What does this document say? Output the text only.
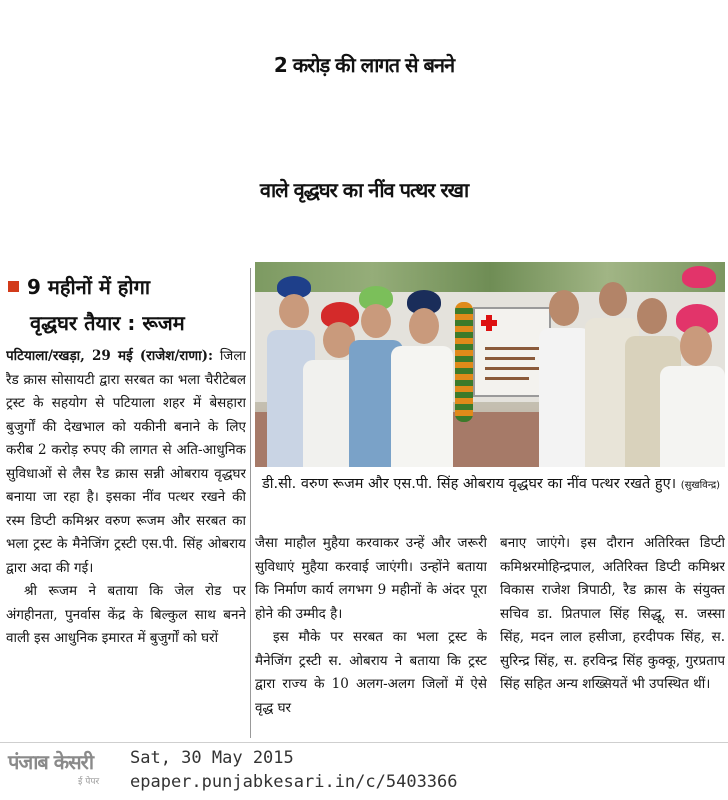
2 करोड़ की लागत से बनने
वाले वृद्धघर का नींव पत्थर रखा
9 महीनों में होगा
वृद्धघर तैयार : रूजम

पटियाला/रखड़ा, 29 मई (राजेश/राणा): जिला रैड क्रास सोसायटी द्वारा सरबत का भला चैरीटेबल ट्रस्ट के सहयोग से पटियाला शहर में बेसहारा बुजुर्गों की देखभाल को यकीनी बनाने के लिए करीब 2 करोड़ रुपए की लागत से अति-आधुनिक सुविधाओं से लैस रैड क्रास सन्नी ओबराय वृद्धघर बनाया जा रहा है। इसका नींव पत्थर रखने की रस्म डिप्टी कमिश्नर वरुण रूजम और सरबत का भला ट्रस्ट के मैनेजिंग ट्रस्टी एस.पी. सिंह ओबराय द्वारा अदा की गई।

श्री रूजम ने बताया कि जेल रोड पर अंगहीनता, पुनर्वास केंद्र के बिल्कुल साथ बनने वाली इस आधुनिक इमारत में बुजुर्गों को घरों

डी.सी. वरुण रूजम और एस.पी. सिंह ओबराय वृद्धघर का नींव पत्थर रखते हुए। (सुखविन्द्र)

जैसा माहौल मुहैया करवाकर उन्हें और जरूरी सुविधाएं मुहैया करवाई जाएंगी। उन्होंने बताया कि निर्माण कार्य लगभग 9 महीनों के अंदर पूरा होने की उम्मीद है।

इस मौके पर सरबत का भला ट्रस्ट के मैनेजिंग ट्रस्टी स. ओबराय ने बताया कि ट्रस्ट द्वारा राज्य के 10 अलग-अलग जिलों में ऐसे वृद्ध घर

बनाए जाएंगे। इस दौरान अतिरिक्त डिप्टी कमिश्नरमोहिन्द्रपाल, अतिरिक्त डिप्टी कमिश्नर विकास राजेश त्रिपाठी, रैड क्रास के संयुक्त सचिव डा. प्रितपाल सिंह सिद्धू, स. जस्सा सिंह, मदन लाल हसीजा, हरदीपक सिंह, स. सुरिन्द्र सिंह, स. हरविन्द्र सिंह कुक्कू, गुरप्रताप सिंह सहित अन्य शख्सियतें भी उपस्थित थीं।

पंजाब केसरी
ई पेपर
Sat, 30 May 2015
epaper.punjabkesari.in/c/5403366
